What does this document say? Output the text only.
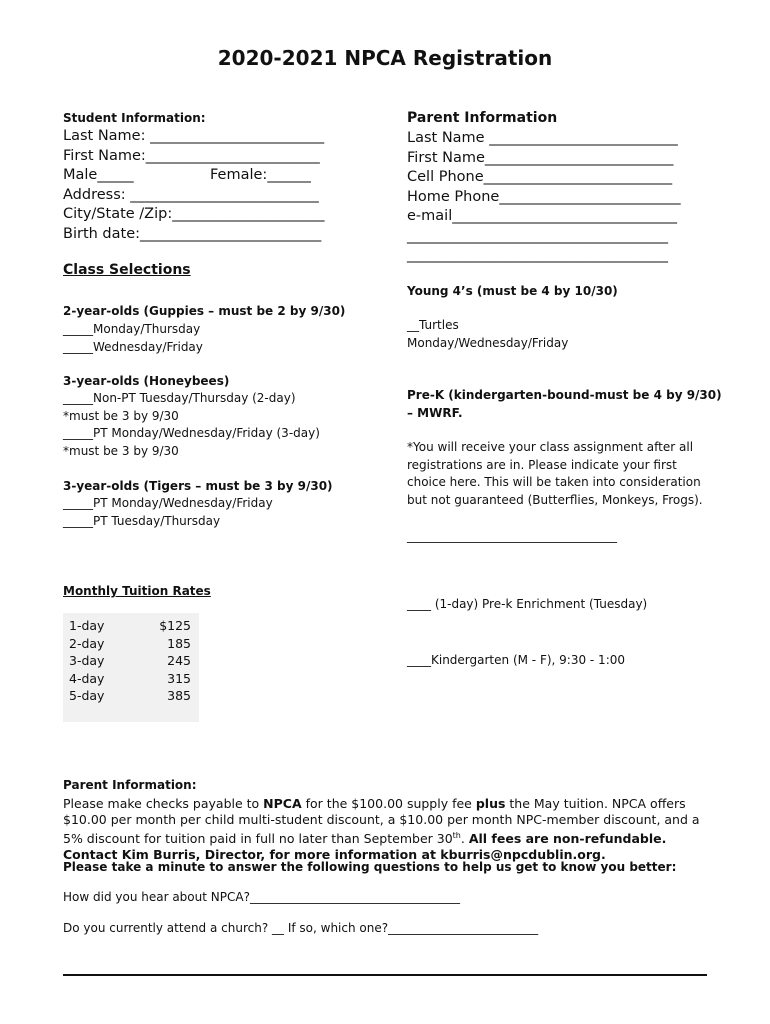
2020-2021 NPCA Registration
Student Information:
Last Name: ________________________
First Name:________________________
Male_____	Female:______
Address: __________________________
City/State /Zip:_____________________
Birth date:_________________________
Parent Information
Last Name __________________________
First Name__________________________
Cell Phone__________________________
Home Phone_________________________
e-mail_______________________________
____________________________________
____________________________________
Class Selections
2-year-olds (Guppies – must be 2 by 9/30)
_____Monday/Thursday
_____Wednesday/Friday
3-year-olds (Honeybees)
_____Non-PT Tuesday/Thursday (2-day)
*must be 3 by 9/30
_____PT Monday/Wednesday/Friday (3-day)
*must be 3 by 9/30
3-year-olds (Tigers – must be 3 by 9/30)
_____PT Monday/Wednesday/Friday
_____PT Tuesday/Thursday
Young 4’s (must be 4 by 10/30)
__Turtles
Monday/Wednesday/Friday
Pre-K (kindergarten-bound-must be 4 by 9/30)
– MWRF.
*You will receive your class assignment after all
registrations are in. Please indicate your first
choice here. This will be taken into consideration
but not guaranteed (Butterflies, Monkeys, Frogs).
___________________________________
____ (1-day) Pre-k Enrichment (Tuesday)
____Kindergarten (M - F), 9:30 - 1:00
Monthly Tuition Rates
1-day	$125
2-day	185
3-day	245
4-day	315
5-day	385
Parent Information:
Please make checks payable to NPCA for the $100.00 supply fee plus the May tuition. NPCA offers $10.00 per month per child multi-student discount, a $10.00 per month NPC-member discount, and a 5% discount for tuition paid in full no later than September 30th. All fees are non-refundable. Contact Kim Burris, Director, for more information at kburris@npcdublin.org.
Please take a minute to answer the following questions to help us get to know you better:
How did you hear about NPCA?___________________________________
Do you currently attend a church? __ If so, which one?_________________________
